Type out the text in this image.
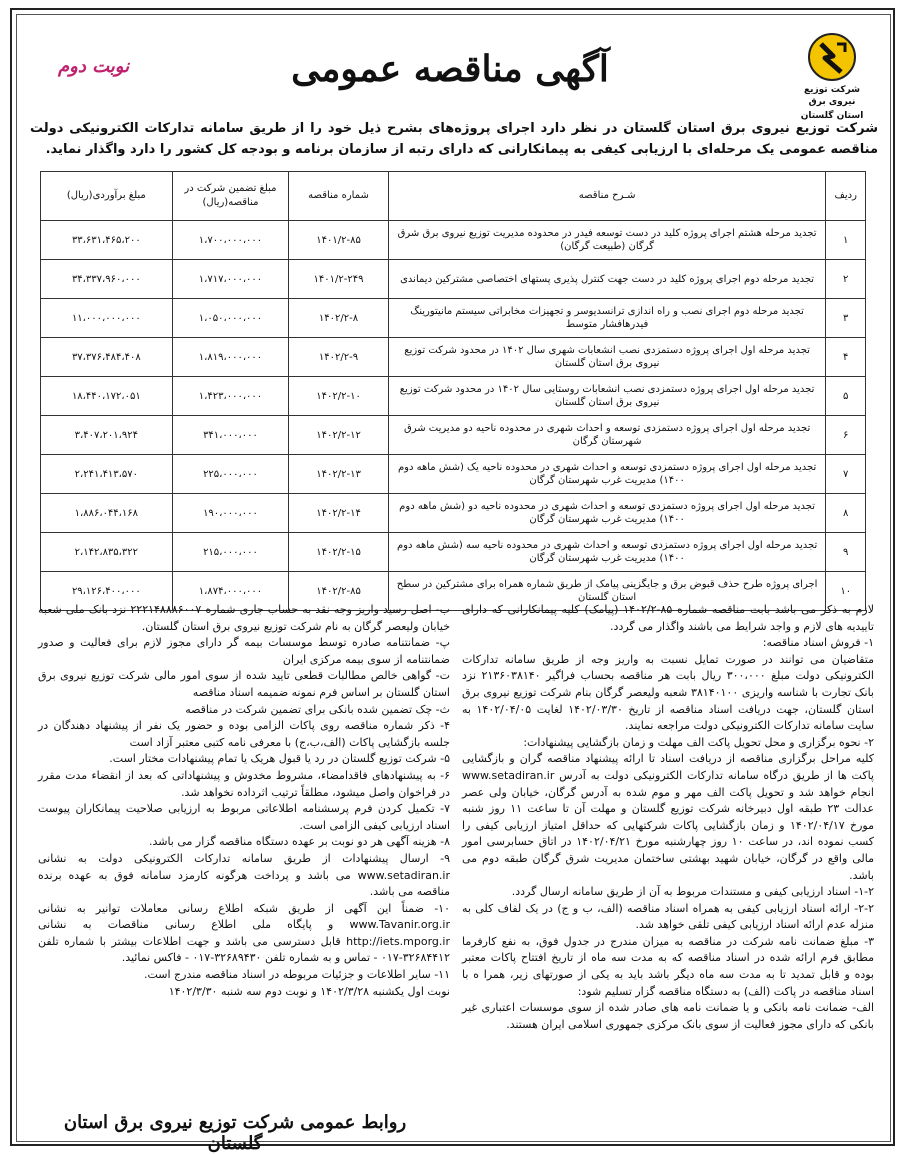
شرکت توزیع نیروی برق
استان گلستان
آگهی مناقصه عمومی
نوبت دوم
شرکت توزیع نیروی برق استان گلستان در نظر دارد اجرای پروژه‌های بشرح ذیل خود را از طریق سامانه تدارکات الکترونیکی دولت مناقصه عمومی یک مرحله‌ای با ارزیابی کیفی به پیمانکارانی که دارای رتبه از سازمان برنامه و بودجه کل کشور را دارد واگذار نماید.
ردیف	شـرح مناقصه	شماره مناقصه	مبلغ تضمین شرکت در مناقصه(ریال)	مبلغ برآوردی(ریال)
۱	تجدید مرحله هشتم اجرای پروژه کلید در دست توسعه فیدر در محدوده مدیریت توزیع نیروی برق شرق گرگان (طبیعت گرگان)	۱۴۰۱/۲-۸۵	۱،۷۰۰،۰۰۰،۰۰۰	۳۳،۶۳۱،۴۶۵،۲۰۰
۲	تجدید مرحله دوم اجرای پروژه کلید در دست جهت کنترل پذیری پستهای اختصاصی مشترکین دیماندی	۱۴۰۱/۲-۲۴۹	۱،۷۱۷،۰۰۰،۰۰۰	۳۴،۳۳۷،۹۶۰،۰۰۰
۳	تجدید مرحله دوم اجرای نصب و راه اندازی ترانسدیوسر و تجهیزات مخابراتی سیستم مانیتورینگ فیدرهافشار متوسط	۱۴۰۲/۲-۸	۱،۰۵۰،۰۰۰،۰۰۰	۱۱،۰۰۰،۰۰۰،۰۰۰
۴	تجدید مرحله اول اجرای پروژه دستمزدی نصب انشعابات شهری سال ۱۴۰۲ در محدود شرکت توزیع نیروی برق استان گلستان	۱۴۰۲/۲-۹	۱،۸۱۹،۰۰۰،۰۰۰	۳۷،۳۷۶،۴۸۴،۴۰۸
۵	تجدید مرحله اول اجرای پروژه دستمزدی نصب انشعابات روستایی سال ۱۴۰۲ در محدود شرکت توزیع نیروی برق استان گلستان	۱۴۰۲/۲-۱۰	۱،۴۲۳،۰۰۰،۰۰۰	۱۸،۴۴۰،۱۷۲،۰۵۱
۶	تجدید مرحله اول اجرای پروژه دستمزدی توسعه و احداث شهری در محدوده ناحیه دو مدیریت شرق شهرستان گرگان	۱۴۰۲/۲-۱۲	۳۴۱،۰۰۰،۰۰۰	۳،۴۰۷،۲۰۱،۹۲۴
۷	تجدید مرحله اول اجرای پروژه دستمزدی توسعه و احداث شهری در محدوده ناحیه یک (شش ماهه دوم ۱۴۰۰) مدیریت غرب شهرستان گرگان	۱۴۰۲/۲-۱۳	۲۲۵،۰۰۰،۰۰۰	۲،۲۴۱،۴۱۳،۵۷۰
۸	تجدید مرحله اول اجرای پروژه دستمزدی توسعه و احداث شهری در محدوده ناحیه دو (شش ماهه دوم ۱۴۰۰) مدیریت غرب شهرستان گرگان	۱۴۰۲/۲-۱۴	۱۹۰،۰۰۰،۰۰۰	۱،۸۸۶،۰۴۴،۱۶۸
۹	تجدید مرحله اول اجرای پروژه دستمزدی توسعه و احداث شهری در محدوده ناحیه سه (شش ماهه دوم ۱۴۰۰) مدیریت غرب شهرستان گرگان	۱۴۰۲/۲-۱۵	۲۱۵،۰۰۰،۰۰۰	۲،۱۴۲،۸۳۵،۳۲۲
۱۰	اجرای پروژه طرح حذف قبوض برق و جایگزینی پیامک از طریق شماره همراه برای مشترکین در سطح استان گلستان	۱۴۰۲/۲-۸۵	۱،۸۷۴،۰۰۰،۰۰۰	۲۹،۱۲۶،۴۰۰،۰۰۰

لازم به ذکر می باشد بابت مناقصه شماره ۸۵-۱۴۰۲/۲ (پیامک) کلیه پیمانکارانی که دارای تاییدیه های لازم و واجد شرایط می باشند واگذار می گردد.

۱- فروش اسناد مناقصه:

متقاضیان می توانند در صورت تمایل نسبت به واریز وجه از طریق سامانه تدارکات الکترونیکی دولت مبلغ ۳۰۰،۰۰۰ ریال بابت هر مناقصه بحساب فراگیر ۲۱۳۶۰۳۸۱۴۰ نزد بانک تجارت با شناسه واریزی ۳۸۱۴۰۱۰۰ شعبه ولیعصر گرگان بنام شرکت توزیع نیروی برق استان گلستان، جهت دریافت اسناد مناقصه از تاریخ ۱۴۰۲/۰۳/۳۰ لغایت ۱۴۰۲/۰۴/۰۵ به سایت سامانه تدارکات الکترونیکی دولت مراجعه نمایند.

۲- نحوه برگزاری و محل تحویل پاکت الف مهلت و زمان بازگشایی پیشنهادات:

کلیه مراحل برگزاری مناقصه از دریافت اسناد تا ارائه پیشنهاد مناقصه گران و بازگشایی پاکت ها از طریق درگاه سامانه تدارکات الکترونیکی دولت به آدرس www.setadiran.ir انجام خواهد شد و تحویل پاکت الف مهر و موم شده به آدرس گرگان، خیابان ولی عصر عدالت ۲۳ طبقه اول دبیرخانه شرکت توزیع گلستان و مهلت آن تا ساعت ۱۱ روز شنبه مورخ ۱۴۰۲/۰۴/۱۷ و زمان بازگشایی پاکات شرکتهایی که حداقل امتیاز ارزیابی کیفی را کسب نموده اند، در ساعت ۱۰ روز چهارشنبه مورخ ۱۴۰۲/۰۴/۲۱ در اتاق حسابرسی امور مالی واقع در گرگان، خیابان شهید بهشتی ساختمان مدیریت شرق گرگان طبقه دوم می باشد.

۱-۲- اسناد ارزیابی کیفی و مستندات مربوط به آن از طریق سامانه ارسال گردد.

۲-۲- ارائه اسناد ارزیابی کیفی به همراه اسناد مناقصه (الف، ب و ج) در یک لفاف کلی به منزله عدم ارائه اسناد ارزیابی کیفی تلقی خواهد شد.

۳- مبلغ ضمانت نامه شرکت در مناقصه به میزان مندرج در جدول فوق، به نفع کارفرما مطابق فرم ارائه شده در اسناد مناقصه که به مدت سه ماه از تاریخ افتتاح پاکات معتبر بوده و قابل تمدید تا به مدت سه ماه دیگر باشد باید به یکی از صورتهای زیر، همرا ه با اسناد مناقصه در پاکت (الف) به دستگاه مناقصه گزار تسلیم شود:

الف- ضمانت نامه بانکی و یا ضمانت نامه های صادر شده از سوی موسسات اعتباری غیر بانکی که دارای مجوز فعالیت از سوی بانک مرکزی جمهوری اسلامی ایران هستند.

ب- اصل رسید واریز وجه نقد به حساب جاری شماره ۲۲۲۱۴۸۸۸۶۰۰۷ نزد بانک ملی شعبه خیابان ولیعصر گرگان به نام شرکت توزیع نیروی برق استان گلستان.

پ- ضمانتنامه صادره توسط موسسات بیمه گر دارای مجوز لازم برای فعالیت و صدور ضمانتنامه از سوی بیمه مرکزی ایران

ت- گواهی خالص مطالبات قطعی تایید شده از سوی امور مالی شرکت توزیع نیروی برق استان گلستان بر اساس فرم نمونه ضمیمه اسناد مناقصه

ث- چک تضمین شده بانکی برای تضمین شرکت در مناقصه

۴- ذکر شماره مناقصه روی پاکات الزامی بوده و حضور یک نفر از پیشنهاد دهندگان در جلسه بازگشایی پاکات (الف،ب،ج) با معرفی نامه کتبی معتبر آزاد است

۵- شرکت توزیع گلستان در رد یا قبول هریک یا تمام پیشنهادات مختار است.

۶- به پیشنهادهای فاقدامضاء، مشروط مخدوش و پیشنهاداتی که بعد از انقضاء مدت مقرر در فراخوان واصل میشود، مطلقاً ترتیب اثرداده نخواهد شد.

۷- تکمیل کردن فرم پرسشنامه اطلاعاتی مربوط به ارزیابی صلاحیت پیمانکاران پیوست اسناد ارزیابی کیفی الزامی است.

۸- هزینه آگهی هر دو نوبت بر عهده دستگاه مناقصه گزار می باشد.

۹- ارسال پیشنهادات از طریق سامانه تدارکات الکترونیکی دولت به نشانی www.setadiran.ir می باشد و پرداخت هرگونه کارمزد سامانه فوق به عهده برنده مناقصه می باشد.

۱۰- ضمناً این آگهی از طریق شبکه اطلاع رسانی معاملات توانیر به نشانی www.Tavanir.org.ir و پایگاه ملی اطلاع رسانی مناقصات به نشانی http://iets.mporg.ir قابل دسترسی می باشد و جهت اطلاعات بیشتر با شماره تلفن ۳۲۶۸۴۴۱۲-۰۱۷ - تماس و به شماره تلفن ۳۲۶۸۹۴۳۰-۰۱۷ - فاکس نمائید.

۱۱- سایر اطلاعات و جزئیات مربوطه در اسناد مناقصه مندرج است.

نوبت اول یکشنبه ۱۴۰۲/۳/۲۸ و نوبت دوم سه شنبه ۱۴۰۲/۳/۳۰

روابط عمومی شرکت توزیع نیروی برق استان گلستان
